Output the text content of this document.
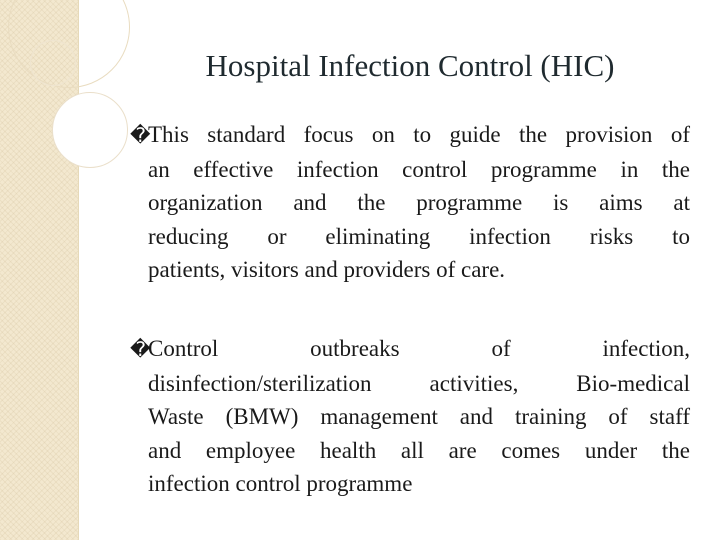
Hospital Infection Control (HIC)
�
This standard focus on to guide the provision of
an effective infection control programme in the
organization and the programme is aims at
reducing or eliminating infection risks to
patients, visitors and providers of care.
�
Control outbreaks of infection,
disinfection/sterilization activities, Bio-medical
Waste (BMW) management and training of staff
and employee health all are comes under the
infection control programme
